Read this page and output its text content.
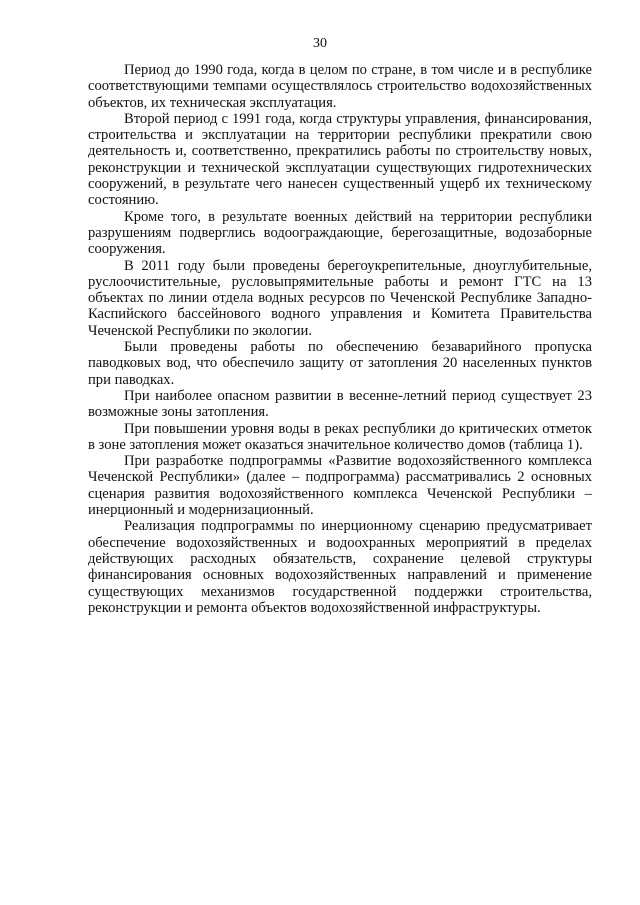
30

Период до 1990 года, когда в целом по стране, в том числе и в республике соответствующими темпами осуществлялось строительство водохозяйственных объектов, их техническая эксплуатация.

Второй период с 1991 года, когда структуры управления, финансирования, строительства и эксплуатации на территории республики прекратили свою деятельность и, соответственно, прекратились работы по строительству новых, реконструкции и технической эксплуатации существующих гидротехнических сооружений, в результате чего нанесен существенный ущерб их техническому состоянию.

Кроме того, в результате военных действий на территории республики разрушениям подверглись водоограждающие, берегозащитные, водозаборные сооружения.

В 2011 году были проведены берегоукрепительные, дноуглубительные, руслоочистительные, русловыпрямительные работы и ремонт ГТС на 13 объектах по линии отдела водных ресурсов по Чеченской Республике Западно-Каспийского бассейнового водного управления и Комитета Правительства Чеченской Республики по экологии.

Были проведены работы по обеспечению безаварийного пропуска паводковых вод, что обеспечило защиту от затопления 20 населенных пунктов при паводках.

При наиболее опасном развитии в весенне-летний период существует 23 возможные зоны затопления.

При повышении уровня воды в реках республики до критических отметок в зоне затопления может оказаться значительное количество домов (таблица 1).

При разработке подпрограммы «Развитие водохозяйственного комплекса Чеченской Республики» (далее – подпрограмма) рассматривались 2 основных сценария развития водохозяйственного комплекса Чеченской Республики – инерционный и модернизационный.

Реализация подпрограммы по инерционному сценарию предусматривает обеспечение водохозяйственных и водоохранных мероприятий в пределах действующих расходных обязательств, сохранение целевой структуры финансирования основных водохозяйственных направлений и применение существующих механизмов государственной поддержки строительства, реконструкции и ремонта объектов водохозяйственной инфраструктуры.
